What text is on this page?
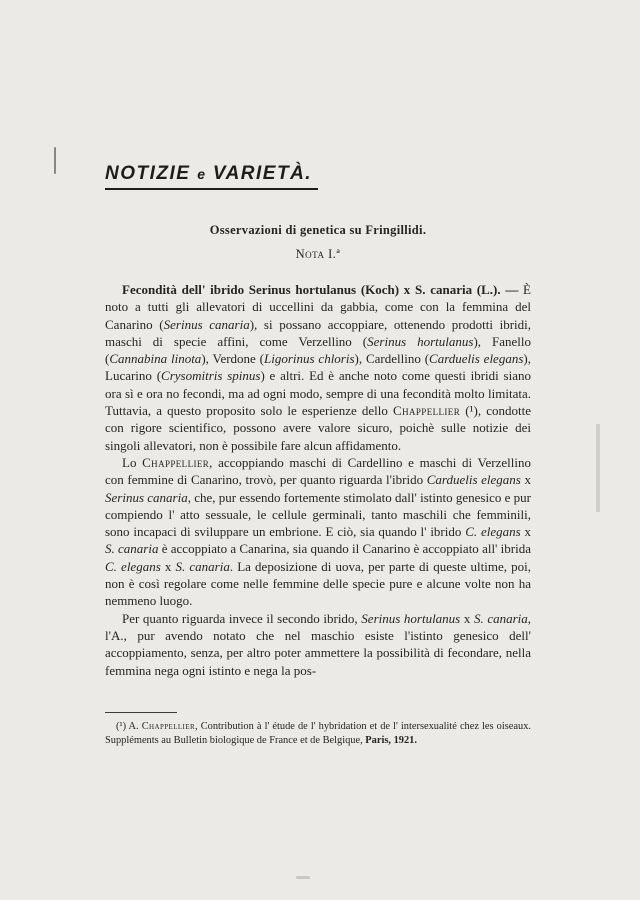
NOTIZIE e VARIETÀ.
Osservazioni di genetica su Fringillidi.
Nota I.ª

Fecondità dell' ibrido Serinus hortulanus (Koch) x S. canaria (L.). — È noto a tutti gli allevatori di uccellini da gabbia, come con la femmina del Canarino (Serinus canaria), si possano accoppiare, ottenendo prodotti ibridi, maschi di specie affini, come Verzellino (Serinus hortulanus), Fanello (Cannabina linota), Verdone (Ligorinus chloris), Cardellino (Carduelis elegans), Lucarino (Crysomitris spinus) e altri. Ed è anche noto come questi ibridi siano ora sì e ora no fecondi, ma ad ogni modo, sempre di una fecondità molto limitata. Tuttavia, a questo proposito solo le esperienze dello Chappellier (¹), condotte con rigore scientifico, possono avere valore sicuro, poichè sulle notizie dei singoli allevatori, non è possibile fare alcun affidamento.

Lo Chappellier, accoppiando maschi di Cardellino e maschi di Verzellino con femmine di Canarino, trovò, per quanto riguarda l'ibrido Carduelis elegans x Serinus canaria, che, pur essendo fortemente stimolato dall' istinto genesico e pur compiendo l' atto sessuale, le cellule germinali, tanto maschili che femminili, sono incapaci di sviluppare un embrione. E ciò, sia quando l' ibrido C. elegans x S. canaria è accoppiato a Canarina, sia quando il Canarino è accoppiato all' ibrida C. elegans x S. canaria. La deposizione di uova, per parte di queste ultime, poi, non è così regolare come nelle femmine delle specie pure e alcune volte non ha nemmeno luogo.

Per quanto riguarda invece il secondo ibrido, Serinus hortulanus x S. canaria, l'A., pur avendo notato che nel maschio esiste l'istinto genesico dell' accoppiamento, senza, per altro poter ammettere la possibilità di fecondare, nella femmina nega ogni istinto e nega la pos-

(¹) A. Chappellier, Contribution à l' étude de l' hybridation et de l' intersexualité chez les oiseaux. Suppléments au Bulletin biologique de France et de Belgique, Paris, 1921.
